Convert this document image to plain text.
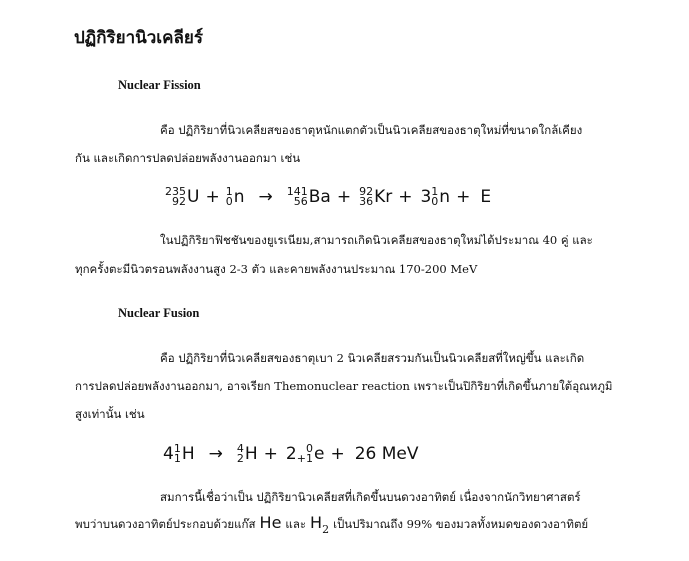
ปฏิกิริยานิวเคลียร์
Nuclear Fission
คือ ปฏิกิริยาที่นิวเคลียสของธาตุหนักแตกตัวเป็นนิวเคลียสของธาตุใหม่ที่ขนาดใกล้เคียง
กัน และเกิดการปลดปล่อยพลังงานออกมา เช่น
235
92 U + 1
0 n → 141
56 Ba + 92
36 Kr + 3 1
0 n + E
ในปฏิกิริยาฟิชชันของยูเรเนียม,สามารถเกิดนิวเคลียสของธาตุใหม่ได้ประมาณ 40 คู่ และ
ทุกครั้งตะมีนิวตรอนพลังงานสูง 2-3 ตัว และคายพลังงานประมาณ 170-200 MeV
Nuclear Fusion
คือ ปฏิกิริยาที่นิวเคลียสของธาตุเบา 2 นิวเคลียสรวมกันเป็นนิวเคลียสที่ใหญ่ขึ้น และเกิด
การปลดปล่อยพลังงานออกมา, อาจเรียก Themonuclear reaction เพราะเป็นปิกิริยาที่เกิดขึ้นภายใต้อุณหภูมิ
สูงเท่านั้น เช่น
4 1
1 H → 4
2 H + 2 0
+1 e + 26 MeV
สมการนี้เชื่อว่าเป็น ปฏิกิริยานิวเคลียสที่เกิดขึ้นบนดวงอาทิตย์ เนื่องจากนักวิทยาศาสตร์
พบว่าบนดวงอาทิตย์ประกอบด้วยแก๊ส He และ H 2 เป็นปริมาณถึง 99% ของมวลทั้งหมดของดวงอาทิตย์
